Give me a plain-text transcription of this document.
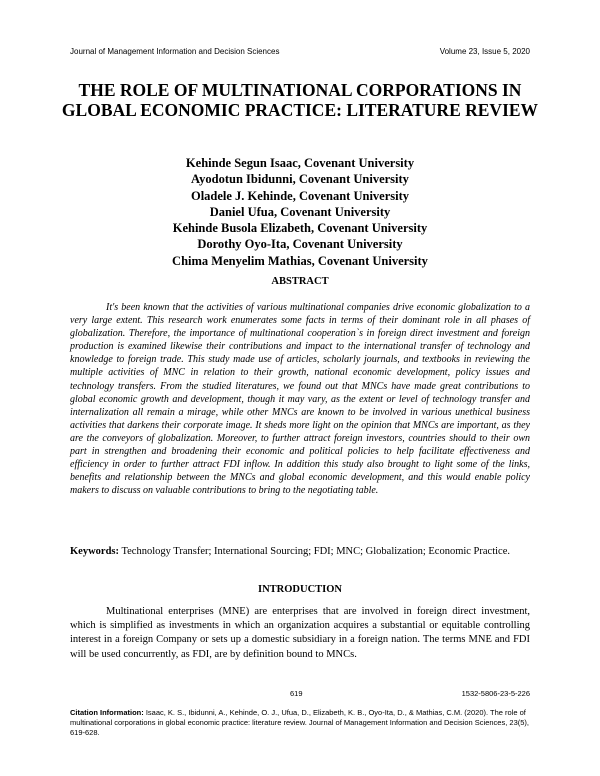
Journal of Management Information and Decision Sciences	Volume 23, Issue 5, 2020
THE ROLE OF MULTINATIONAL CORPORATIONS IN GLOBAL ECONOMIC PRACTICE: LITERATURE REVIEW
Kehinde Segun Isaac, Covenant University
Ayodotun Ibidunni, Covenant University
Oladele J. Kehinde, Covenant University
Daniel Ufua, Covenant University
Kehinde Busola Elizabeth, Covenant University
Dorothy Oyo-Ita, Covenant University
Chima Menyelim Mathias, Covenant University
ABSTRACT

It's been known that the activities of various multinational companies drive economic globalization to a very large extent. This research work enumerates some facts in terms of their dominant role in all phases of globalization. Therefore, the importance of multinational cooperation`s in foreign direct investment and foreign production is examined likewise their contributions and impact to the international transfer of technology and knowledge to foreign trade. This study made use of articles, scholarly journals, and textbooks in reviewing the multiple activities of MNC in relation to their growth, national economic development, policy issues and technology transfers. From the studied literatures, we found out that MNCs have made great contributions to global economic growth and development, though it may vary, as the extent or level of technology transfer and internalization all remain a mirage, while other MNCs are known to be involved in various unethical business activities that darkens their corporate image. It sheds more light on the opinion that MNCs are important, as they are the conveyors of globalization. Moreover, to further attract foreign investors, countries should to their own part in strengthen and broadening their economic and political policies to help facilitate effectiveness and efficiency in order to further attract FDI inflow. In addition this study also brought to light some of the links, benefits and relationship between the MNCs and global economic development, and this would enable policy makers to discuss on valuable contributions to bring to the negotiating table.

Keywords: Technology Transfer; International Sourcing; FDI; MNC; Globalization; Economic Practice.

INTRODUCTION

Multinational enterprises (MNE) are enterprises that are involved in foreign direct investment, which is simplified as investments in which an organization acquires a substantial or equitable controlling interest in a foreign Company or sets up a domestic subsidiary in a foreign nation. The terms MNE and FDI will be used concurrently, as FDI, are by definition bound to MNCs.

619	1532-5806-23-5-226

Citation Information: Isaac, K. S., Ibidunni, A., Kehinde, O. J., Ufua, D., Elizabeth, K. B., Oyo-Ita, D., & Mathias, C.M. (2020). The role of multinational corporations in global economic practice: literature review. Journal of Management Information and Decision Sciences, 23(5), 619-628.
